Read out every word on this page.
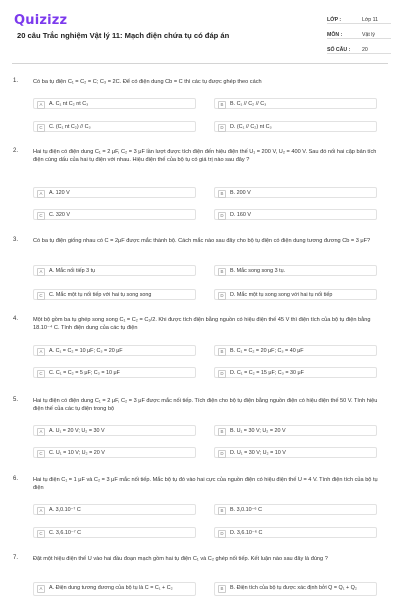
Quizizz
20 câu Trắc nghiệm Vật lý 11: Mạch điện chứa tụ có đáp án
LỚP :	Lớp 11
MÔN :	Vật lý
SỐ CÂU :	20
1.	Có ba tụ điện C₁ = C₂ = C; C₃ = 2C. Để có điện dung Cb = C thì các tụ được ghép theo cách
A	A. C₁ nt C₂ nt C₃	B	B. C₁ // C₂ // C₃
C	C. (C₁ nt C₂) // C₃	D	D. (C₁ // C₂) nt C₃
2.	Hai tụ điện có điện dung C₁ = 2 μF, C₂ = 3 μF lần lượt được tích điện đến hiệu điện thế U₁ = 200 V, U₂ = 400 V. Sau đó nối hai cặp bản tích điện cùng dấu của hai tụ điện với nhau. Hiệu điện thế của bộ tụ có giá trị nào sau đây ?
A	A. 120 V	B	B. 200 V
C	C. 320 V	D	D. 160 V
3.	Có ba tụ điện giống nhau có C = 2μF được mắc thành bộ. Cách mắc nào sau đây cho bộ tụ điện có điện dung tương đương Cb = 3 μF?
A	A. Mắc nối tiếp 3 tụ	B	B. Mắc song song 3 tụ.
C	C. Mắc một tụ nối tiếp với hai tụ song song	D	D. Mắc một tụ song song với hai tụ nối tiếp
4.	Một bộ gồm ba tụ ghép song song C₁ = C₂ = C₃/2. Khi được tích điện bằng nguồn có hiệu điện thế 45 V thì điện tích của bộ tụ điện bằng 18.10⁻⁴ C. Tính điện dung của các tụ điện
A	A. C₁ = C₂ = 10 μF; C₃ = 20 μF	B	B. C₁ = C₂ = 20 μF; C₃ = 40 μF
C	C. C₁ = C₂ = 5 μF; C₃ = 10 μF	D	D. C₁ = C₂ = 15 μF; C₃ = 30 μF
5.	Hai tụ điện có điện dung C₁ = 2 μF, C₂ = 3 μF được mắc nối tiếp. Tích điện cho bộ tụ điện bằng nguồn điện có hiệu điện thế 50 V. Tính hiệu điện thế của các tụ điện trong bộ
A	A. U₁ = 20 V; U₂ = 30 V	B	B. U₁ = 30 V; U₂ = 20 V
C	C. U₁ = 10 V; U₂ = 20 V	D	D. U₁ = 30 V; U₂ = 10 V
6.	Hai tụ điện C₁ = 1 μF và C₂ = 3 μF mắc nối tiếp. Mắc bộ tụ đó vào hai cực của nguồn điện có hiệu điện thế U = 4 V. Tính điện tích của bộ tụ điện
A	A. 3,0.10⁻⁷ C	B	B. 3,0.10⁻⁶ C
C	C. 3,6.10⁻⁷ C	D	D. 3,6.10⁻⁶ C
7.	Đặt một hiệu điện thế U vào hai đầu đoạn mạch gồm hai tụ điện C₁ và C₂ ghép nối tiếp. Kết luận nào sau đây là đúng ?
A	A. Điện dung tương đương của bộ tụ là C = C₁ + C₂	B	B. Điện tích của bộ tụ được xác định bởi Q = Q₁ + Q₂
